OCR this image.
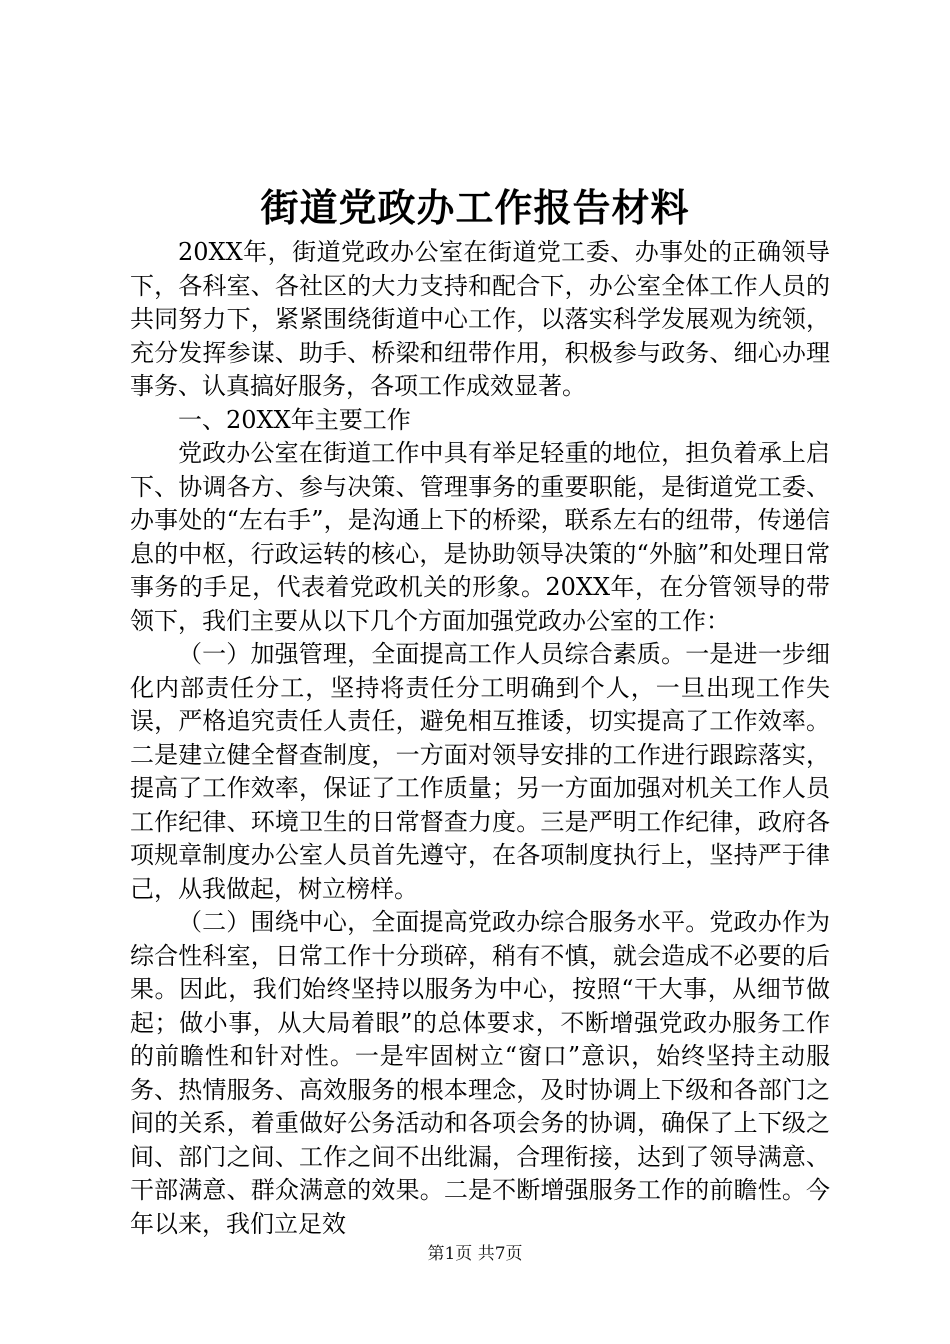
街道党政办工作报告材料

20XX年，街道党政办公室在街道党工委、办事处的正确领导下，各科室、各社区的大力支持和配合下，办公室全体工作人员的共同努力下，紧紧围绕街道中心工作，以落实科学发展观为统领，充分发挥参谋、助手、桥梁和纽带作用，积极参与政务、细心办理事务、认真搞好服务，各项工作成效显著。

一、20XX年主要工作

党政办公室在街道工作中具有举足轻重的地位，担负着承上启下、协调各方、参与决策、管理事务的重要职能，是街道党工委、办事处的“左右手”，是沟通上下的桥梁，联系左右的纽带，传递信息的中枢，行政运转的核心，是协助领导决策的“外脑”和处理日常事务的手足，代表着党政机关的形象。20XX年，在分管领导的带领下，我们主要从以下几个方面加强党政办公室的工作：

（一）加强管理，全面提高工作人员综合素质。一是进一步细化内部责任分工，坚持将责任分工明确到个人，一旦出现工作失误，严格追究责任人责任，避免相互推诿，切实提高了工作效率。二是建立健全督查制度，一方面对领导安排的工作进行跟踪落实，提高了工作效率，保证了工作质量；另一方面加强对机关工作人员工作纪律、环境卫生的日常督查力度。三是严明工作纪律，政府各项规章制度办公室人员首先遵守，在各项制度执行上，坚持严于律己，从我做起，树立榜样。

（二）围绕中心，全面提高党政办综合服务水平。党政办作为综合性科室，日常工作十分琐碎，稍有不慎，就会造成不必要的后果。因此，我们始终坚持以服务为中心，按照“干大事，从细节做起；做小事，从大局着眼”的总体要求，不断增强党政办服务工作的前瞻性和针对性。一是牢固树立“窗口”意识，始终坚持主动服务、热情服务、高效服务的根本理念，及时协调上下级和各部门之间的关系，着重做好公务活动和各项会务的协调，确保了上下级之间、部门之间、工作之间不出纰漏，合理衔接，达到了领导满意、干部满意、群众满意的效果。二是不断增强服务工作的前瞻性。今年以来，我们立足效

第1页 共7页
